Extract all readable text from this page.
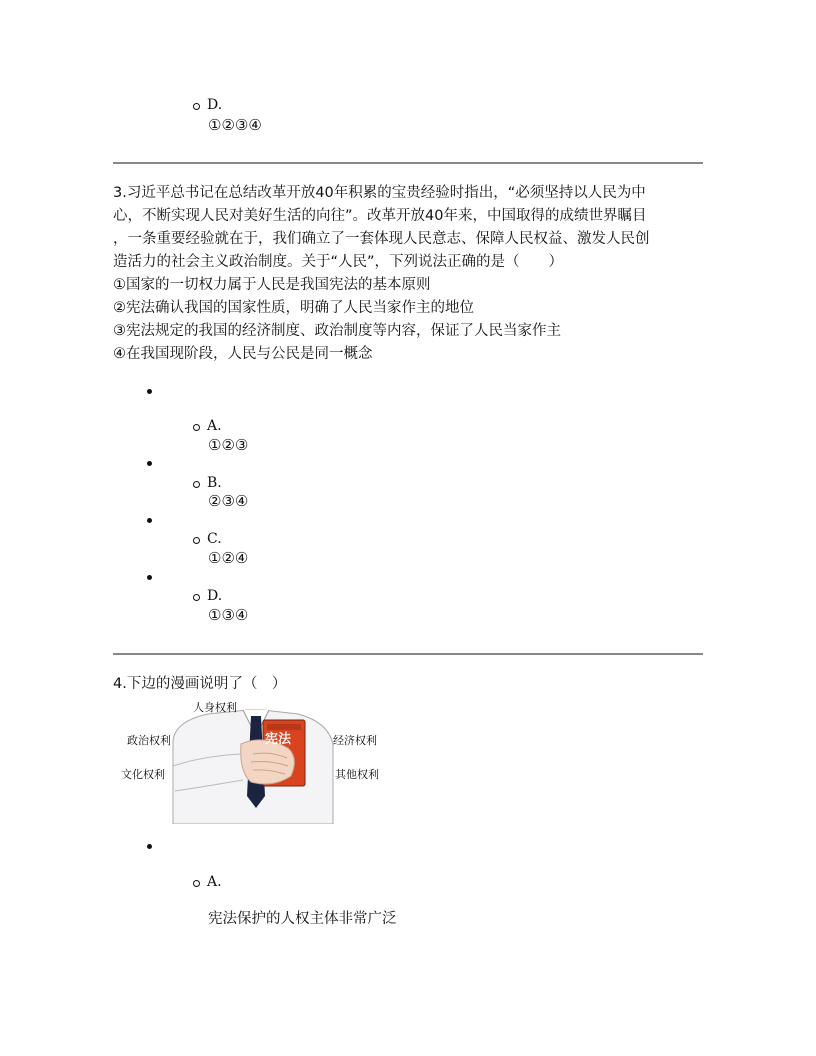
D.
①②③④

3.习近平总书记在总结改革开放40年积累的宝贵经验时指出，“必须坚持以人民为中

心，不断实现人民对美好生活的向往”。改革开放40年来，中国取得的成绩世界瞩目

，一条重要经验就在于，我们确立了一套体现人民意志、保障人民权益、激发人民创

造活力的社会主义政治制度。关于“人民”，下列说法正确的是（　　）

①国家的一切权力属于人民是我国宪法的基本原则

②宪法确认我国的国家性质，明确了人民当家作主的地位

③宪法规定的我国的经济制度、政治制度等内容，保证了人民当家作主

④在我国现阶段，人民与公民是同一概念

A.
①②③
B.
②③④
C.
①②④
D.
①③④
4.下边的漫画说明了（　）
宪法
人身权利
政治权利
文化权利
经济权利
其他权利
A.
宪法保护的人权主体非常广泛
